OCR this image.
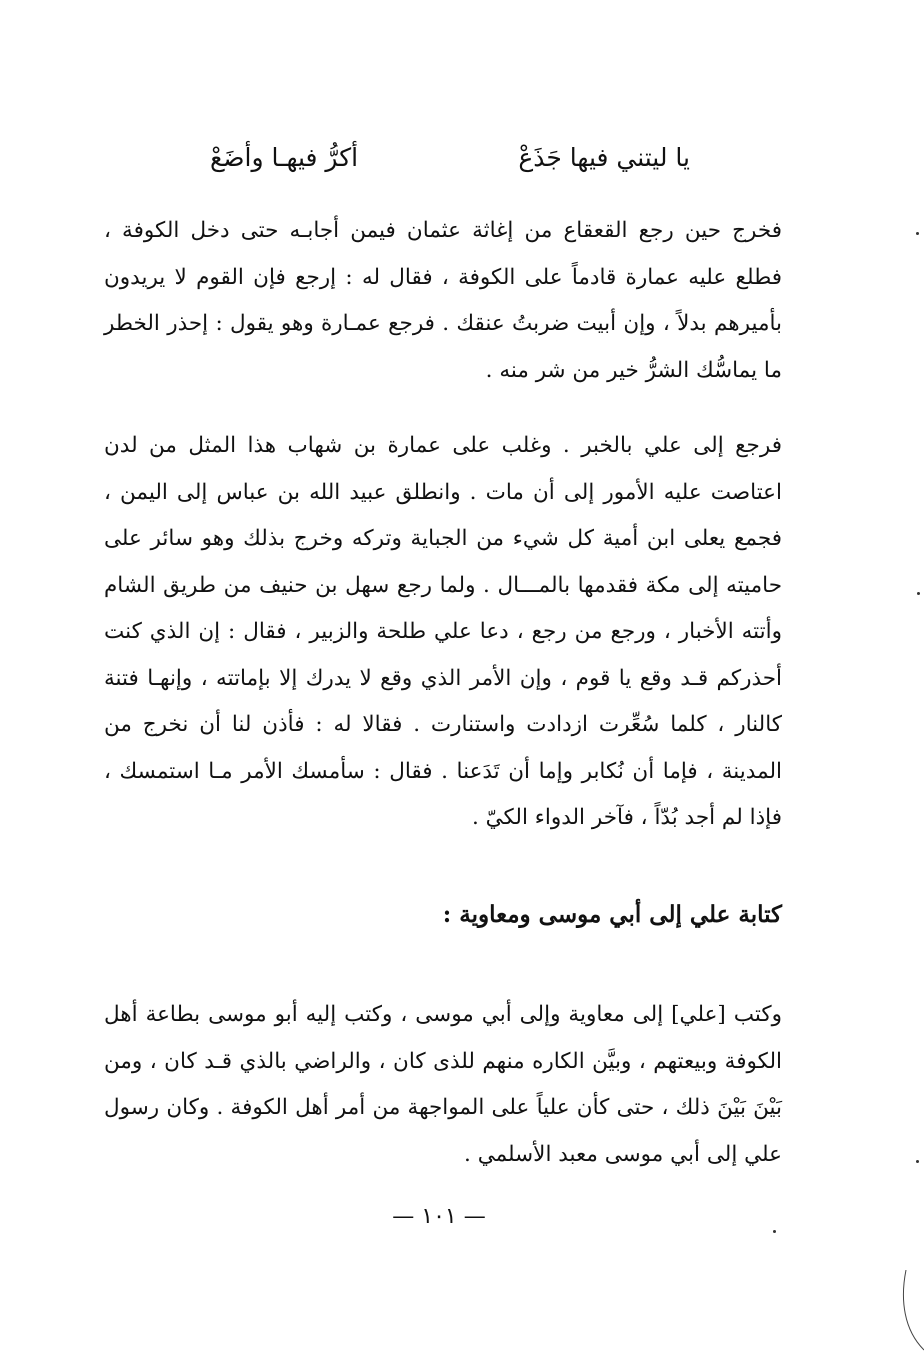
يا ليتني فيها جَذَعْ
أكرُّ فيهـا وأضَعْ

فخرج حين رجع القعقاع من إغاثة عثمان فيمن أجابـه حتى دخل الكوفة ، فطلع عليه عمارة قادماً على الكوفة ، فقال له : إرجع فإن القوم لا يريدون بأميرهم بدلاً ، وإن أبيت ضربتُ عنقك . فرجع عمـارة وهو يقول : إحذر الخطر ما يماسُّك الشرُّ خير من شر منه .

فرجع إلى علي بالخبر . وغلب على عمارة بن شهاب هذا المثل من لدن اعتاصت عليه الأمور إلى أن مات . وانطلق عبيد الله بن عباس إلى اليمن ، فجمع يعلى ابن أمية كل شيء من الجباية وتركه وخرج بذلك وهو سائر على حاميته إلى مكة فقدمها بالمـــال . ولما رجع سهل بن حنيف من طريق الشام وأتته الأخبار ، ورجع من رجع ، دعا علي طلحة والزبير ، فقال : إن الذي كنت أحذركم قـد وقع يا قوم ، وإن الأمر الذي وقع لا يدرك إلا بإماتته ، وإنهـا فتنة كالنار ، كلما سُعِّرت ازدادت واستنارت . فقالا له : فأذن لنا أن نخرج من المدينة ، فإما أن نُكابر وإما أن تَدَعنا . فقال : سأمسك الأمر مـا استمسك ، فإذا لم أجد بُدّاً ، فآخر الدواء الكيّ .

كتابة علي إلى أبي موسى ومعاوية :

وكتب [علي] إلى معاوية وإلى أبي موسى ، وكتب إليه أبو موسى بطاعة أهل الكوفة وبيعتهم ، وبيَّن الكاره منهم للذى كان ، والراضي بالذي قـد كان ، ومن بَيْنَ بَيْنَ ذلك ، حتى كأن علياً على المواجهة من أمر أهل الكوفة . وكان رسول علي إلى أبي موسى معبد الأسلمي .

— ١٠١ —
